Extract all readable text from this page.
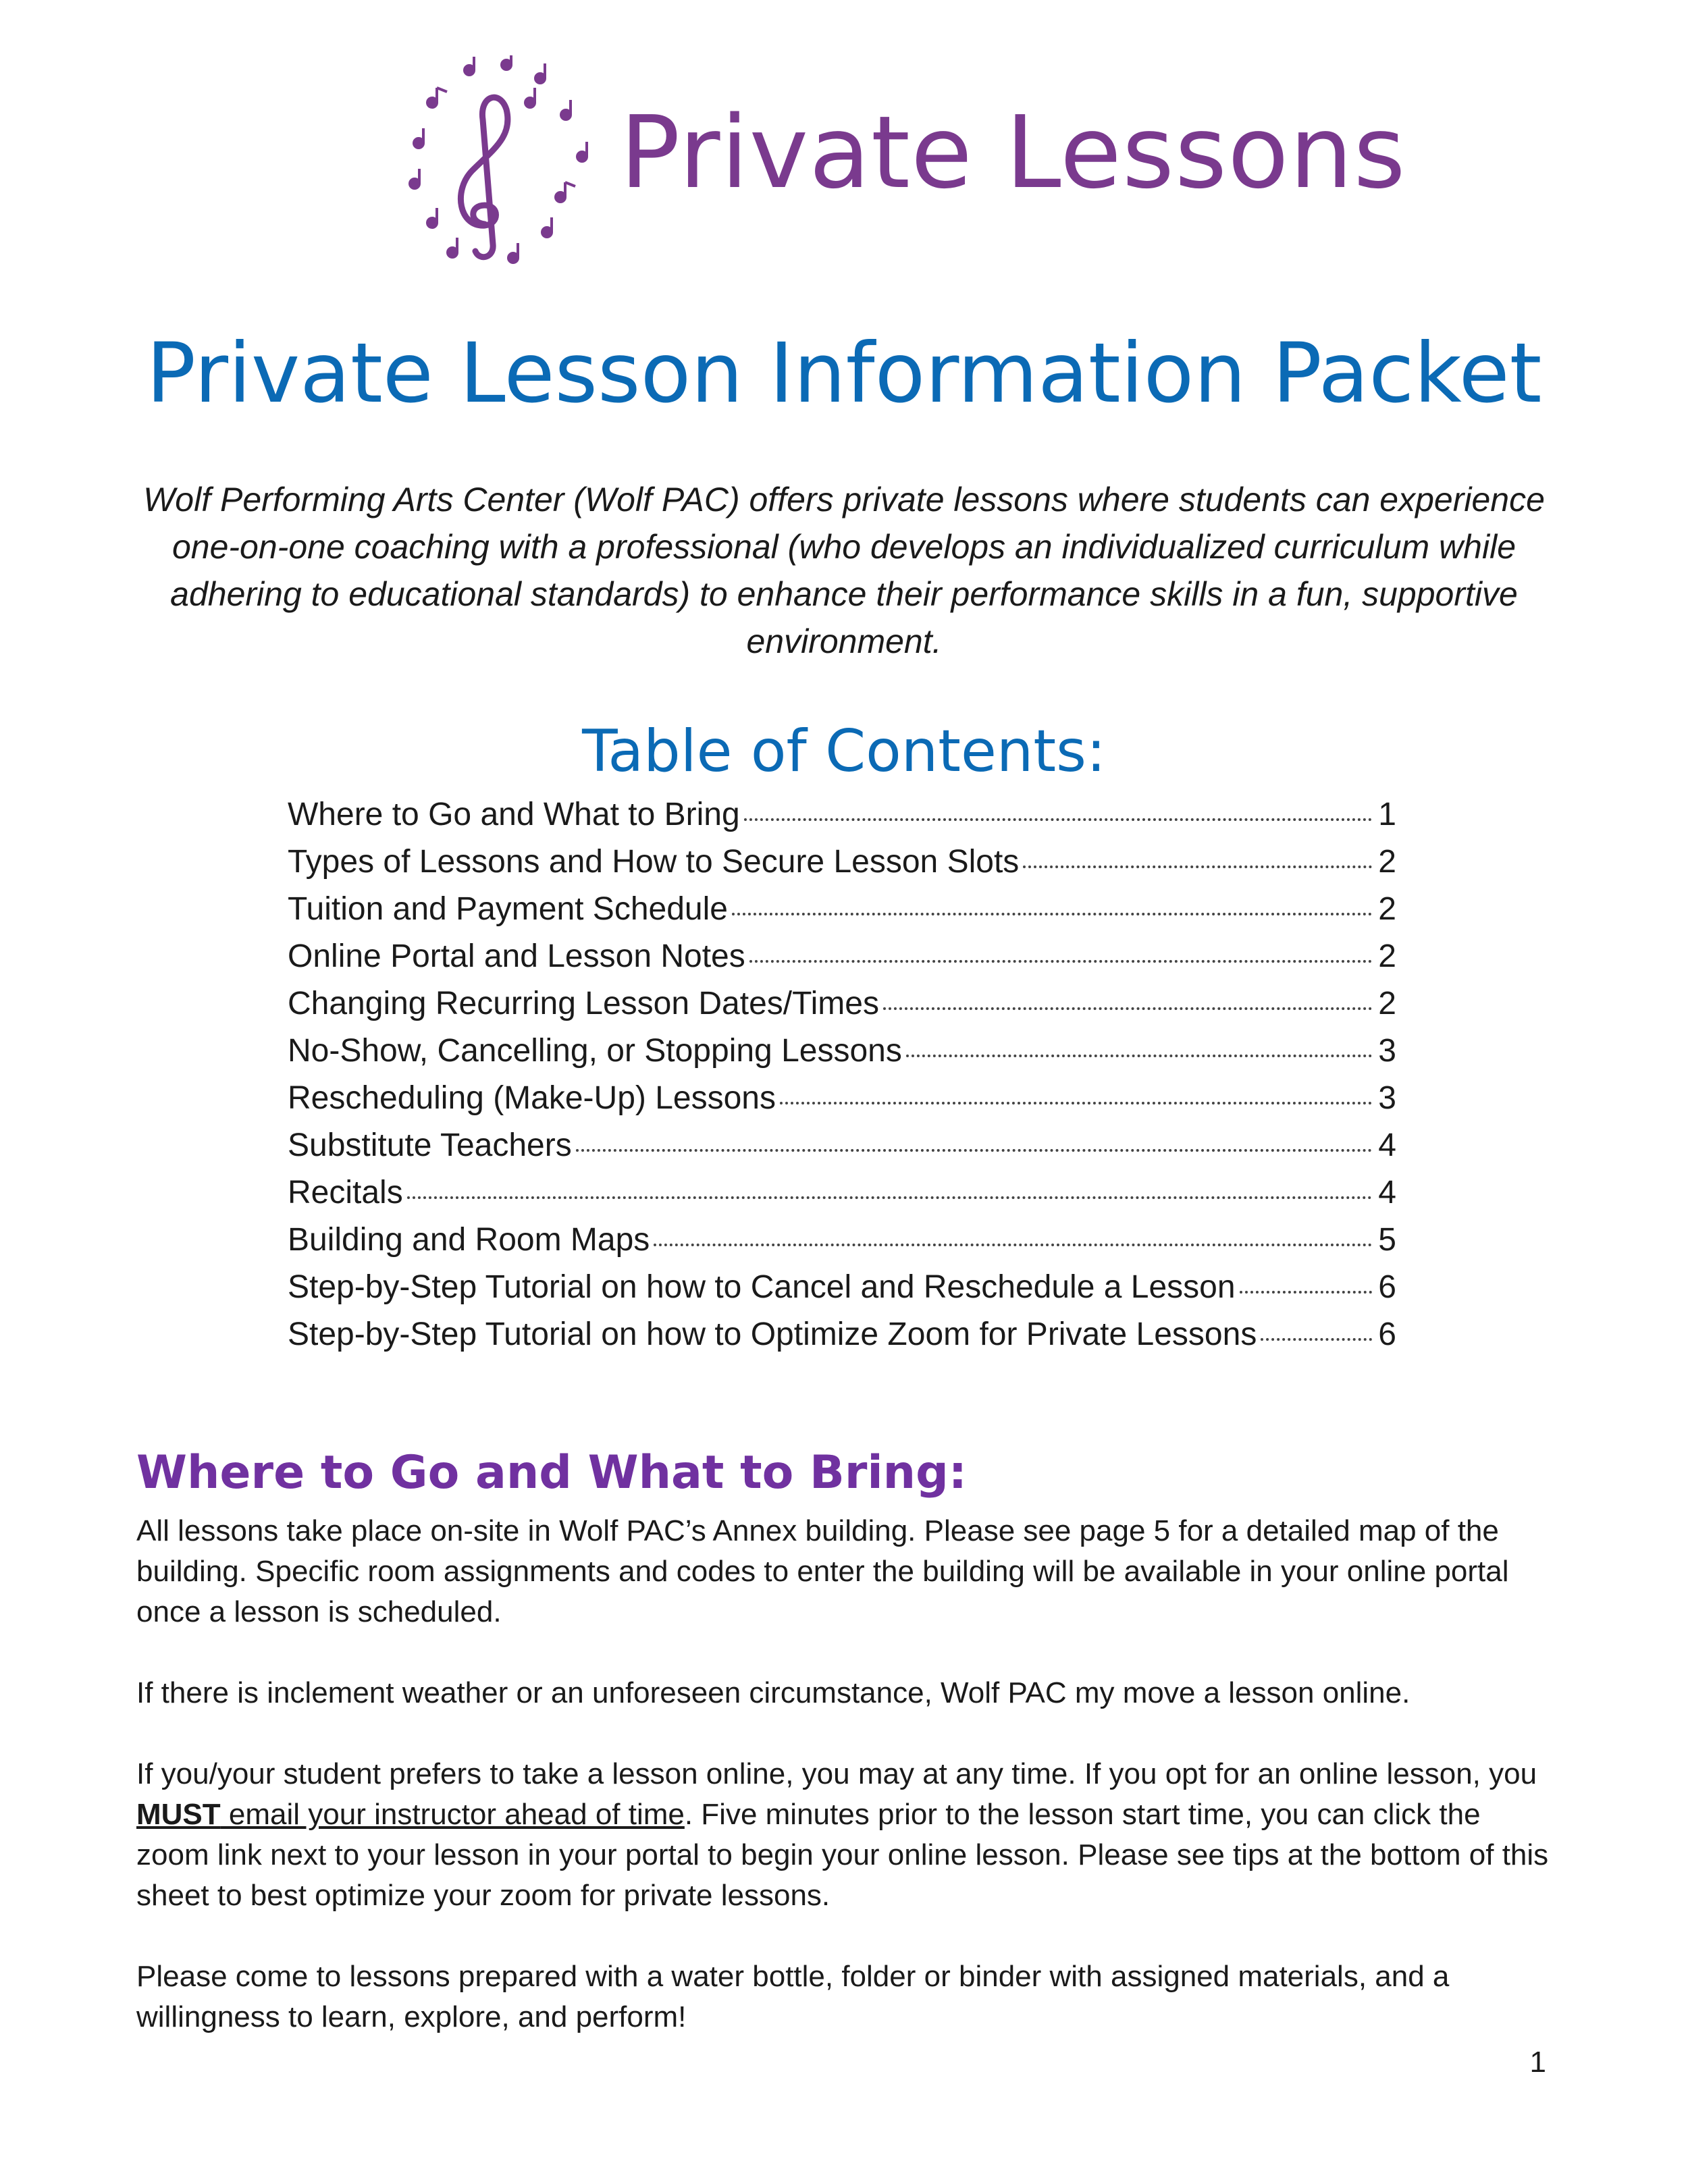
Private Lessons
Private Lesson Information Packet
Wolf Performing Arts Center (Wolf PAC) offers private lessons where students can experience one-on-one coaching with a professional (who develops an individualized curriculum while adhering to educational standards) to enhance their performance skills in a fun, supportive environment.
Table of Contents:
Where to Go and What to Bring	1
Types of Lessons and How to Secure Lesson Slots	2
Tuition and Payment Schedule	2
Online Portal and Lesson Notes	2
Changing Recurring Lesson Dates/Times	2
No-Show, Cancelling, or Stopping Lessons	3
Rescheduling (Make-Up) Lessons	3
Substitute Teachers	4
Recitals	4
Building and Room Maps	5
Step-by-Step Tutorial on how to Cancel and Reschedule a Lesson	6
Step-by-Step Tutorial on how to Optimize Zoom for Private Lessons	6
Where to Go and What to Bring:

All lessons take place on-site in Wolf PAC’s Annex building. Please see page 5 for a detailed map of the building. Specific room assignments and codes to enter the building will be available in your online portal once a lesson is scheduled.

If there is inclement weather or an unforeseen circumstance, Wolf PAC my move a lesson online.

If you/your student prefers to take a lesson online, you may at any time. If you opt for an online lesson, you MUST email your instructor ahead of time. Five minutes prior to the lesson start time, you can click the zoom link next to your lesson in your portal to begin your online lesson. Please see tips at the bottom of this sheet to best optimize your zoom for private lessons.

Please come to lessons prepared with a water bottle, folder or binder with assigned materials, and a willingness to learn, explore, and perform!

1
